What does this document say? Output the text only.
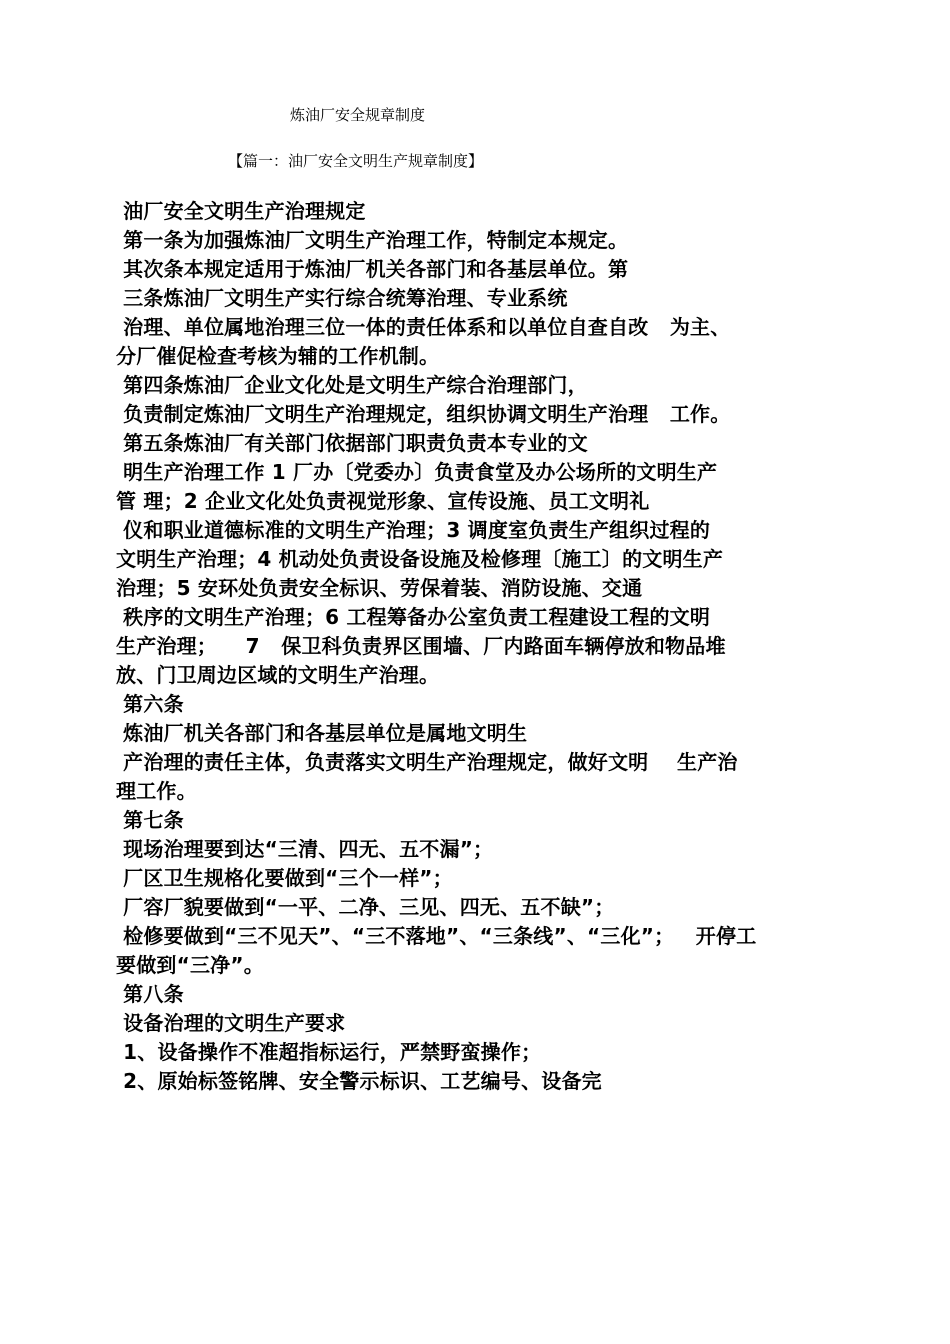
炼油厂安全规章制度
【篇一：油厂安全文明生产规章制度】
油厂安全文明生产治理规定
第一条为加强炼油厂文明生产治理工作，特制定本规定。
其次条本规定适用于炼油厂机关各部门和各基层单位。第
三条炼油厂文明生产实行综合统筹治理、专业系统
治理、单位属地治理三位一体的责任体系和以单位自查自改   为主、
分厂催促检查考核为辅的工作机制。
第四条炼油厂企业文化处是文明生产综合治理部门，
负责制定炼油厂文明生产治理规定，组织协调文明生产治理   工作。
第五条炼油厂有关部门依据部门职责负责本专业的文
明生产治理工作 1 厂办〔党委办〕负责食堂及办公场所的文明生产
管 理；2 企业文化处负责视觉形象、宣传设施、员工文明礼
仪和职业道德标准的文明生产治理；3 调度室负责生产组织过程的
文明生产治理；4 机动处负责设备设施及检修理〔施工〕的文明生产
治理；5 安环处负责安全标识、劳保着装、消防设施、交通
秩序的文明生产治理；6 工程筹备办公室负责工程建设工程的文明
生产治理；    7   保卫科负责界区围墙、厂内路面车辆停放和物品堆
放、门卫周边区域的文明生产治理。
第六条
炼油厂机关各部门和各基层单位是属地文明生
产治理的责任主体，负责落实文明生产治理规定，做好文明    生产治
理工作。
第七条
现场治理要到达“三清、四无、五不漏”；
厂区卫生规格化要做到“三个一样”；
厂容厂貌要做到“一平、二净、三见、四无、五不缺”；
检修要做到“三不见天”、“三不落地”、“三条线”、“三化”；   开停工
要做到“三净”。
第八条
设备治理的文明生产要求
1、设备操作不准超指标运行，严禁野蛮操作；
2、原始标签铭牌、安全警示标识、工艺编号、设备完
